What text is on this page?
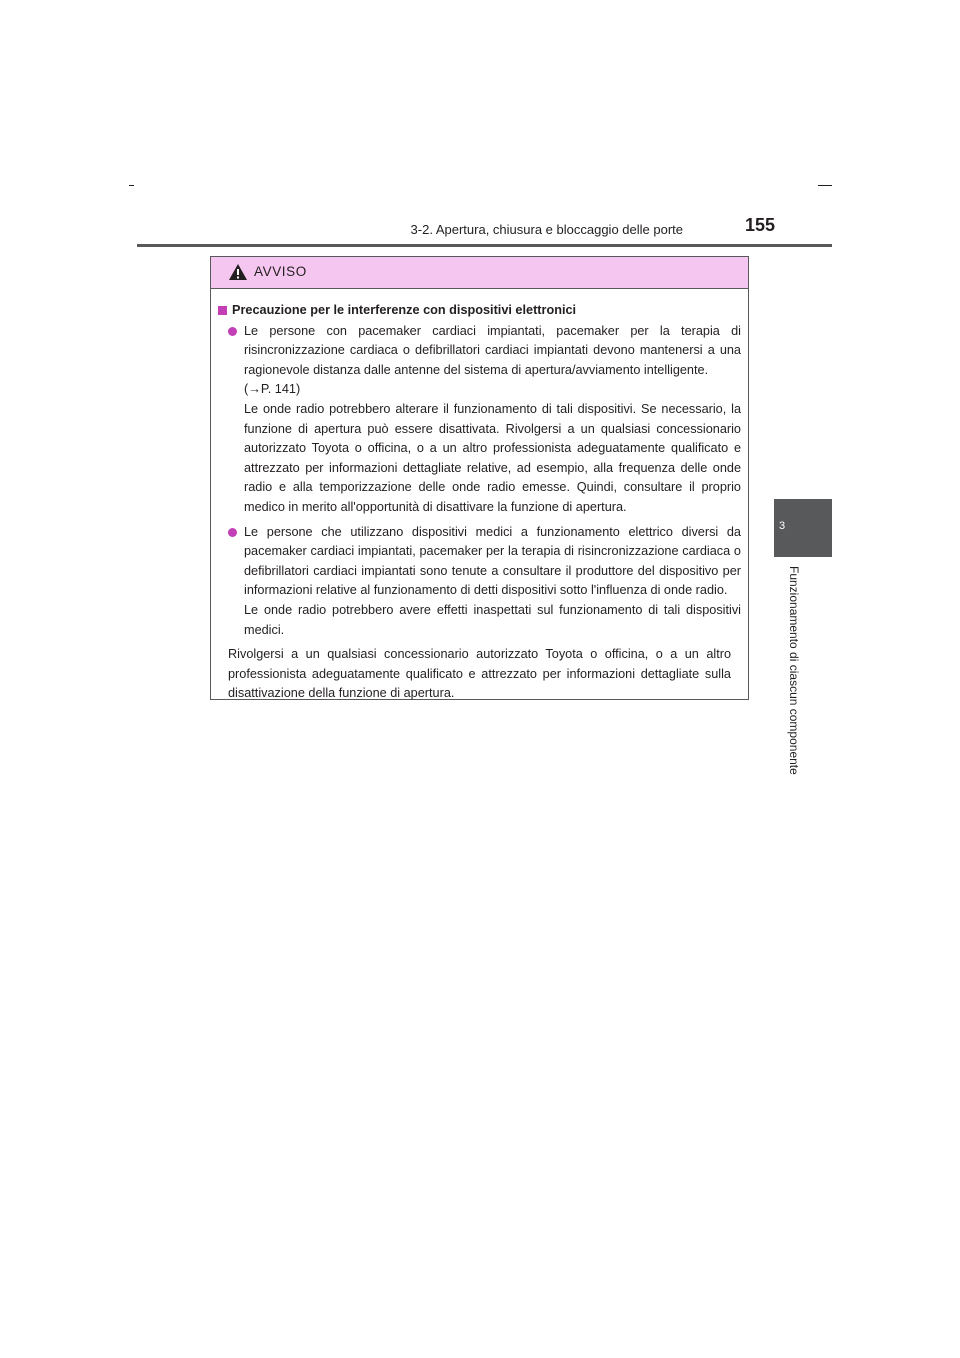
3-2. Apertura, chiusura e bloccaggio delle porte	155
3
Funzionamento di ciascun componente
AVVISO
Precauzione per le interferenze con dispositivi elettronici

Le persone con pacemaker cardiaci impiantati, pacemaker per la terapia di risincronizzazione cardiaca o defibrillatori cardiaci impiantati devono mantenersi a una ragionevole distanza dalle antenne del sistema di apertura/avviamento intelligente.

(→P. 141)

Le onde radio potrebbero alterare il funzionamento di tali dispositivi. Se necessario, la funzione di apertura può essere disattivata. Rivolgersi a un qualsiasi concessionario autorizzato Toyota o officina, o a un altro professionista adeguatamente qualificato e attrezzato per informazioni dettagliate relative, ad esempio, alla frequenza delle onde radio e alla temporizzazione delle onde radio emesse. Quindi, consultare il proprio medico in merito all'opportunità di disattivare la funzione di apertura.

Le persone che utilizzano dispositivi medici a funzionamento elettrico diversi da pacemaker cardiaci impiantati, pacemaker per la terapia di risincronizzazione cardiaca o defibrillatori cardiaci impiantati sono tenute a consultare il produttore del dispositivo per informazioni relative al funzionamento di detti dispositivi sotto l'influenza di onde radio.

Le onde radio potrebbero avere effetti inaspettati sul funzionamento di tali dispositivi medici.

Rivolgersi a un qualsiasi concessionario autorizzato Toyota o officina, o a un altro professionista adeguatamente qualificato e attrezzato per informazioni dettagliate sulla disattivazione della funzione di apertura.
